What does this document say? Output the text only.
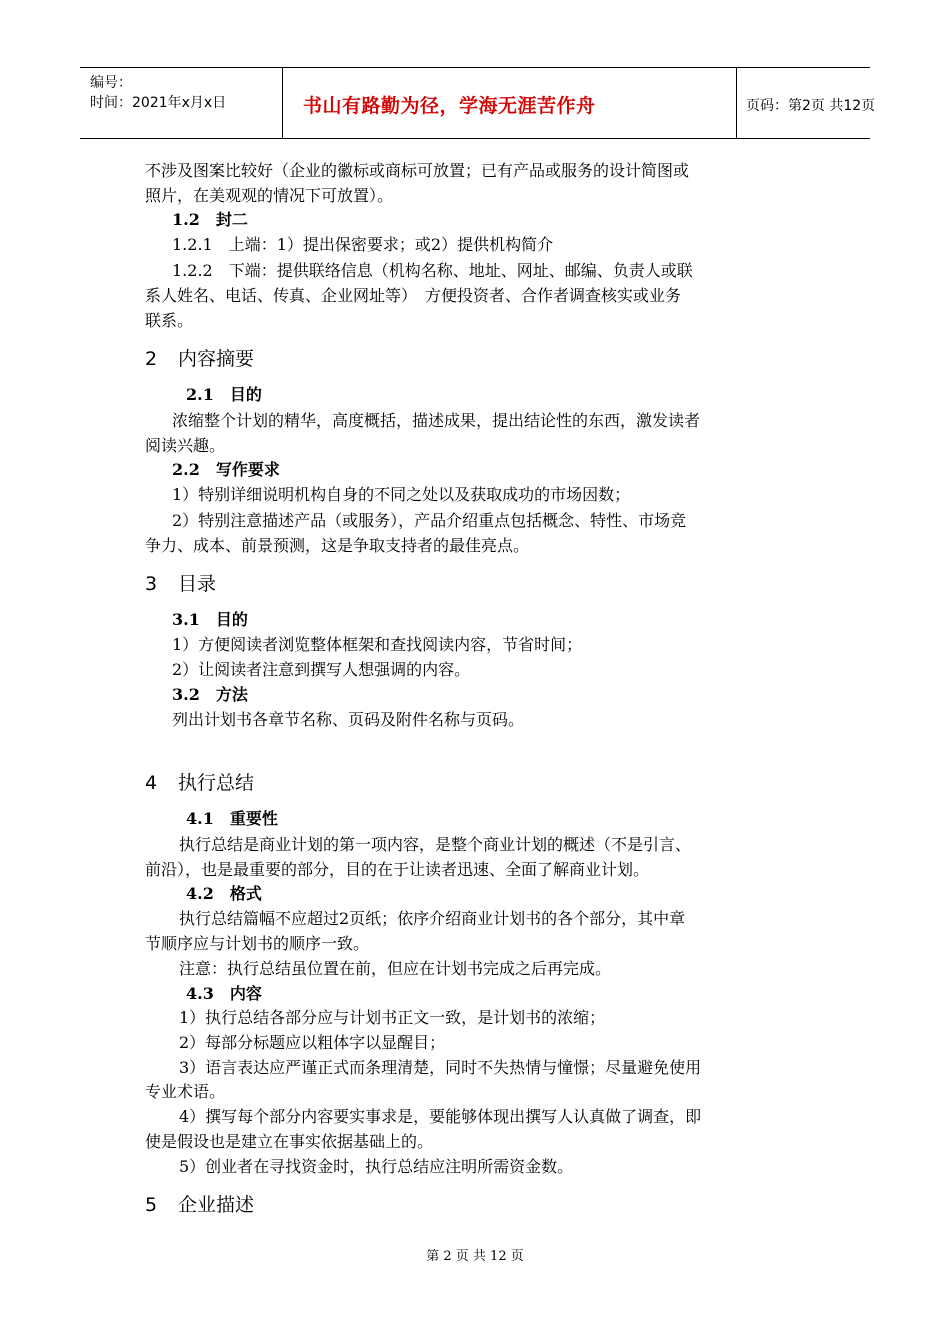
编号：
时间：2021年x月x日	书山有路勤为径，学海无涯苦作舟	页码：第2页 共12页
不涉及图案比较好（企业的徽标或商标可放置；已有产品或服务的设计简图或
照片，在美观观的情况下可放置）。
1.2　封二
1.2.1　上端：1）提出保密要求；或2）提供机构简介
1.2.2　下端：提供联络信息（机构名称、地址、网址、邮编、负责人或联
系人姓名、电话、传真、企业网址等）　方便投资者、合作者调查核实或业务
联系。
2 内容摘要
2.1　目的
浓缩整个计划的精华，高度概括，描述成果，提出结论性的东西，激发读者
阅读兴趣。
2.2　写作要求
1）特别详细说明机构自身的不同之处以及获取成功的市场因数；
2）特别注意描述产品（或服务），产品介绍重点包括概念、特性、市场竞
争力、成本、前景预测，这是争取支持者的最佳亮点。
3 目录
3.1　目的
1）方便阅读者浏览整体框架和查找阅读内容，节省时间；
2）让阅读者注意到撰写人想强调的内容。
3.2　方法
列出计划书各章节名称、页码及附件名称与页码。
4 执行总结
4.1　重要性
执行总结是商业计划的第一项内容，是整个商业计划的概述（不是引言、
前沿），也是最重要的部分，目的在于让读者迅速、全面了解商业计划。
4.2　格式
执行总结篇幅不应超过2页纸；依序介绍商业计划书的各个部分，其中章
节顺序应与计划书的顺序一致。
注意：执行总结虽位置在前，但应在计划书完成之后再完成。
4.3　内容
1）执行总结各部分应与计划书正文一致，是计划书的浓缩；
2）每部分标题应以粗体字以显醒目；
3）语言表达应严谨正式而条理清楚，同时不失热情与憧憬；尽量避免使用
专业术语。
4）撰写每个部分内容要实事求是，要能够体现出撰写人认真做了调查，即
使是假设也是建立在事实依据基础上的。
5）创业者在寻找资金时，执行总结应注明所需资金数。
5 企业描述
第 2 页 共 12 页
